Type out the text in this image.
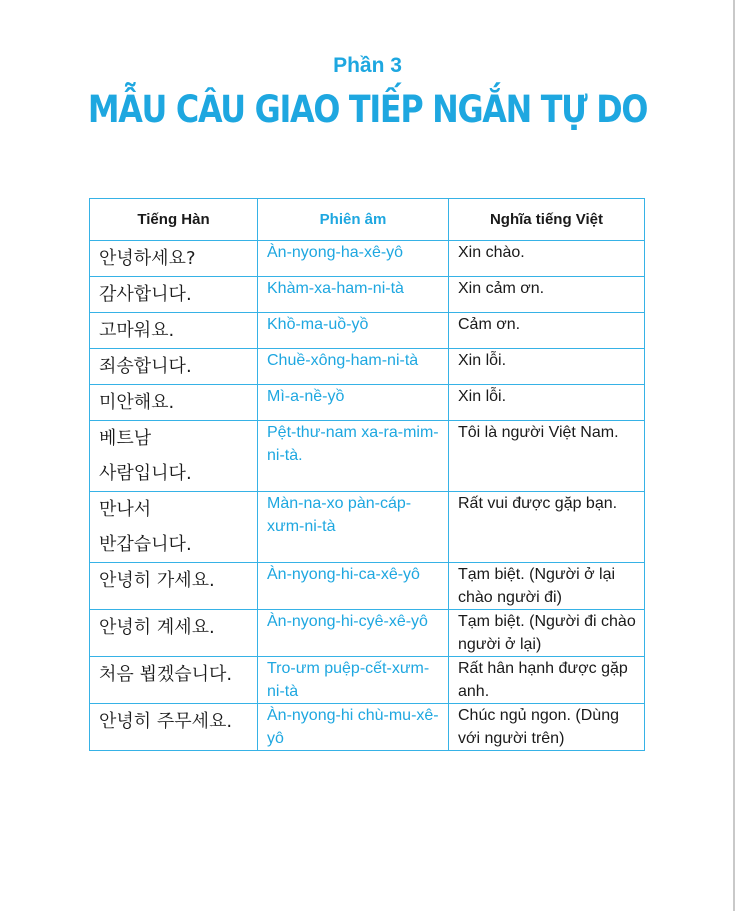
Phần 3
MẪU CÂU GIAO TIẾP NGẮN TỰ DO
Tiếng Hàn	Phiên âm	Nghĩa tiếng Việt

안녕하세요?	Àn-nyong-ha-xê-yô	Xin chào.

감사합니다.	Khàm-xa-ham-ni-tà	Xin cảm ơn.

고마워요.	Khồ-ma-uồ-yồ	Cảm ơn.

죄송합니다.	Chuề-xông-ham-ni-tà	Xin lỗi.

미안해요.	Mì-a-nề-yồ	Xin lỗi.

베트남
사람입니다.	Pệt-thư-nam xa-ra-mim-ni-tà.	Tôi là người Việt Nam.

만나서
반갑습니다.	Màn-na-xo pàn-cáp-xưm-ni-tà	Rất vui được gặp bạn.

안녕히 가세요.	Àn-nyong-hi-ca-xê-yô	Tạm biệt. (Người ở lại chào người đi)

안녕히 계세요.	Àn-nyong-hi-cyê-xê-yô	Tạm biệt. (Người đi chào người ở lại)

처음 뵙겠습니다.	Tro-ưm puệp-cết-xưm-ni-tà	Rất hân hạnh được gặp anh.

안녕히 주무세요.	Àn-nyong-hi chù-mu-xê-yô	Chúc ngủ ngon. (Dùng với người trên)
